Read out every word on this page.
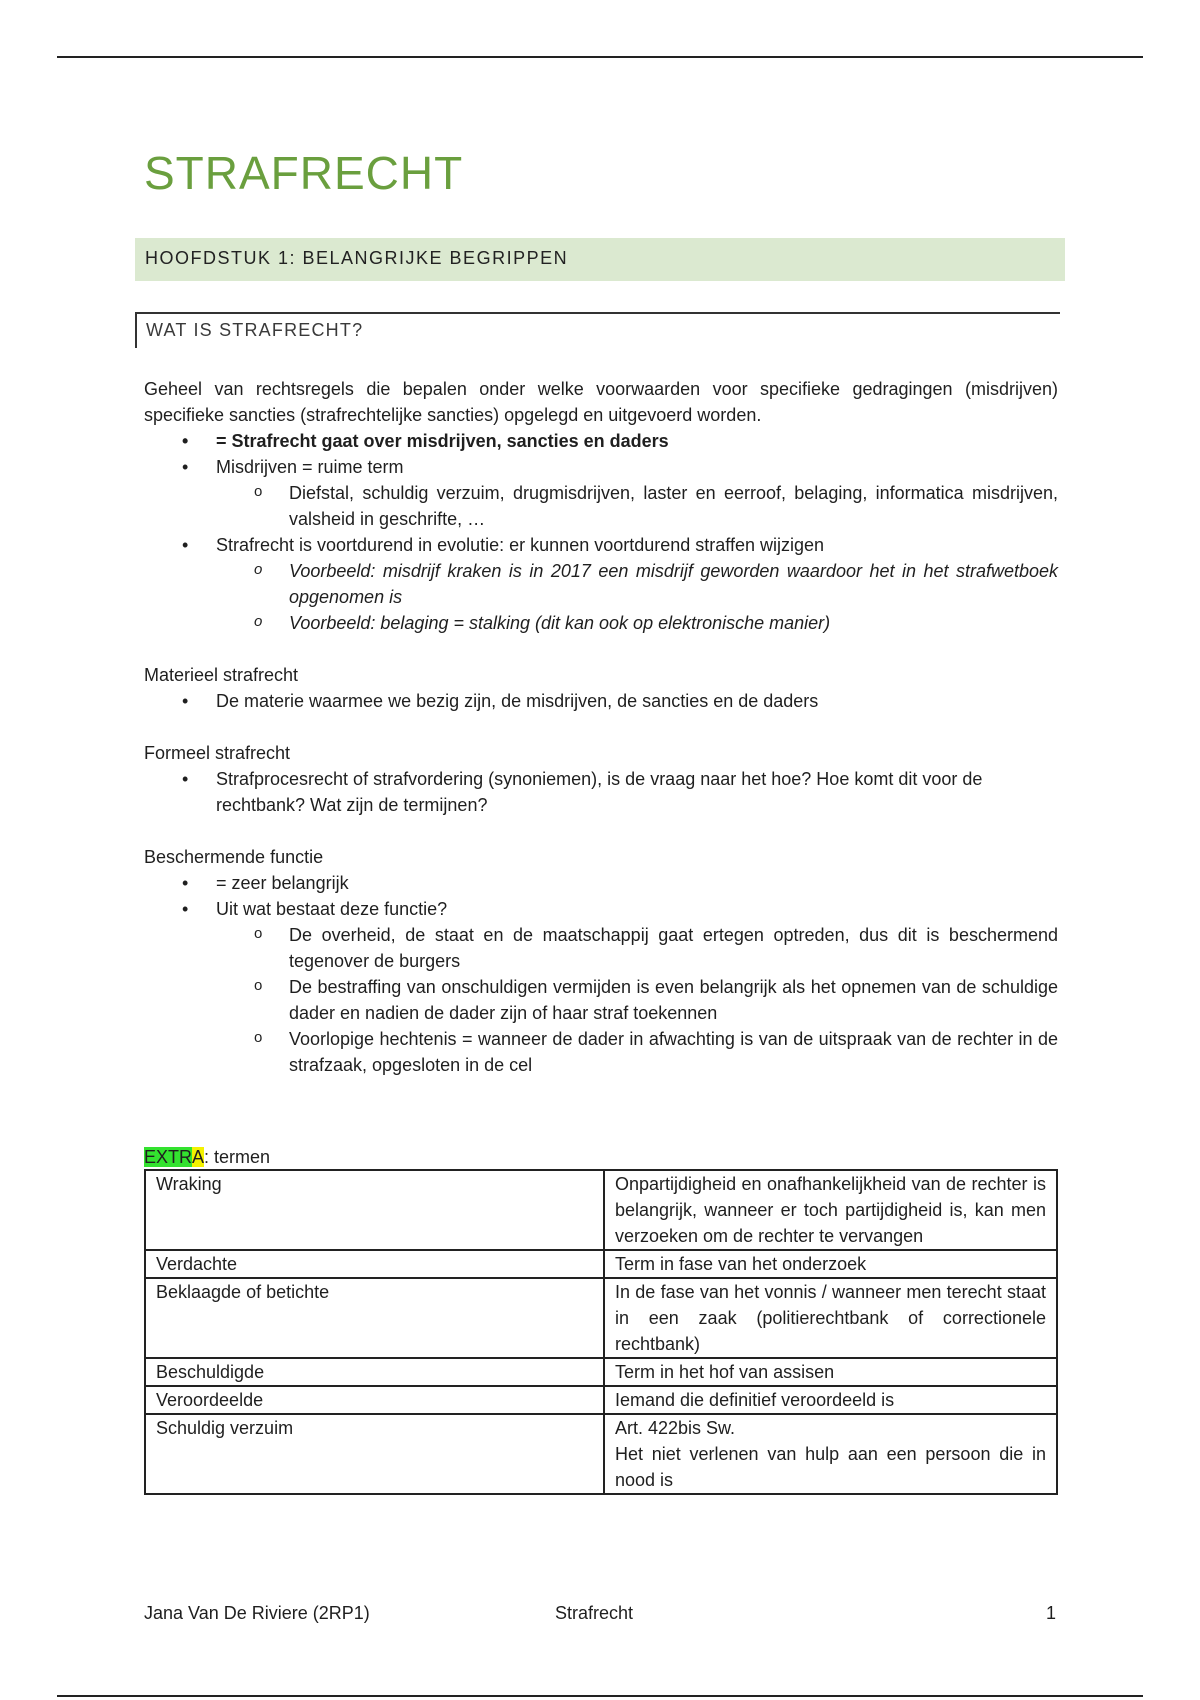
STRAFRECHT
HOOFDSTUK 1: BELANGRIJKE BEGRIPPEN
WAT IS STRAFRECHT?

Geheel van rechtsregels die bepalen onder welke voorwaarden voor specifieke gedragingen (misdrijven) specifieke sancties (strafrechtelijke sancties) opgelegd en uitgevoerd worden.

• = Strafrecht gaat over misdrijven, sancties en daders
• Misdrijven = ruime term
o Diefstal, schuldig verzuim, drugmisdrijven, laster en eerroof, belaging, informatica misdrijven, valsheid in geschrifte, …
• Strafrecht is voortdurend in evolutie: er kunnen voortdurend straffen wijzigen
o Voorbeeld: misdrijf kraken is in 2017 een misdrijf geworden waardoor het in het strafwetboek opgenomen is
o Voorbeeld: belaging = stalking (dit kan ook op elektronische manier)

Materieel strafrecht

• De materie waarmee we bezig zijn, de misdrijven, de sancties en de daders

Formeel strafrecht

• Strafprocesrecht of strafvordering (synoniemen), is de vraag naar het hoe? Hoe komt dit voor de rechtbank? Wat zijn de termijnen?

Beschermende functie

• = zeer belangrijk
• Uit wat bestaat deze functie?
o De overheid, de staat en de maatschappij gaat ertegen optreden, dus dit is beschermend tegenover de burgers
o De bestraffing van onschuldigen vermijden is even belangrijk als het opnemen van de schuldige dader en nadien de dader zijn of haar straf toekennen
o Voorlopige hechtenis = wanneer de dader in afwachting is van de uitspraak van de rechter in de strafzaak, opgesloten in de cel
EXTRA: termen
Wraking	Onpartijdigheid en onafhankelijkheid van de rechter is belangrijk, wanneer er toch partijdigheid is, kan men verzoeken om de rechter te vervangen
Verdachte	Term in fase van het onderzoek
Beklaagde of betichte	In de fase van het vonnis / wanneer men terecht staat in een zaak (politierechtbank of correctionele rechtbank)
Beschuldigde	Term in het hof van assisen
Veroordeelde	Iemand die definitief veroordeeld is
Schuldig verzuim	Art. 422bis Sw.
Het niet verlenen van hulp aan een persoon die in nood is
Jana Van De Riviere (2RP1)	Strafrecht	1
